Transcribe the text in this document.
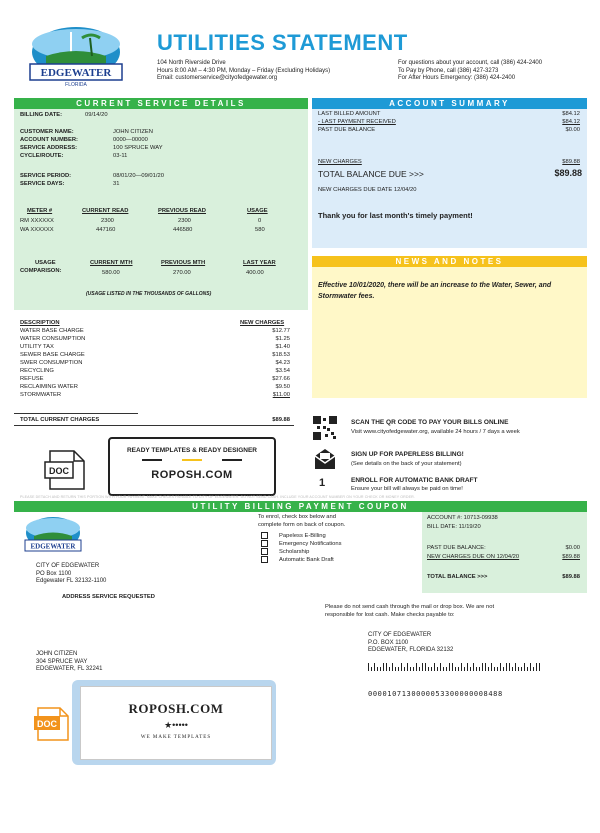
EDGEWATER
FLORIDA
UTILITIES STATEMENT
104 North Riverside Drive
Hours 8:00 AM – 4:30 PM, Monday – Friday (Excluding Holidays)
Email: customerservice@cityofedgewater.org
For questions about your account, call (386) 424-2400
To Pay by Phone, call (386) 427-3273
For After Hours Emergency: (386) 424-2400
CURRENT SERVICE DETAILS
BILLING DATE:	09/14/20
CUSTOMER NAME:	JOHN CITIZEN
ACCOUNT NUMBER:	0000—00000
SERVICE ADDRESS:	100 SPRUCE WAY
CYCLE/ROUTE:	03-11
SERVICE PERIOD:	08/01/20—09/01/20
SERVICE DAYS:	31
METER #	CURRENT READ	PREVIOUS READ	USAGE
RM XXXXXX	2300	2300	0
WA XXXXXX	447160	446580	580
USAGE
COMPARISON:
CURRENT MTH	PREVIOUS MTH	LAST YEAR
580.00	270.00	400.00
(USAGE LISTED IN THE THOUSANDS OF GALLONS)
DESCRIPTION	NEW CHARGES
WATER BASE CHARGE	$12.77
WATER CONSUMPTION	$1.25
UTILITY TAX	$1.40
SEWER BASE CHARGE	$18.53
SWER CONSUMPTION	$4.23
RECYCLING	$3.54
REFUSE	$27.66
RECLAIMING WATER	$9.50
STORMWATER	$11.00
TOTAL CURRENT CHARGES	$89.88
ACCOUNT SUMMARY
LAST BILLED AMOUNT	$84.12
- LAST PAYMENT RECEIVED	$84.12
PAST DUE BALANCE	$0.00
NEW CHARGES	$89.88
TOTAL BALANCE DUE >>>	$89.88
NEW CHARGES DUE DATE 12/04/20
Thank you for last month's timely payment!
NEWS AND NOTES
Effective 10/01/2020, there will be an increase to the Water, Sewer, and Stormwater fees.
DOC
READY TEMPLATES & READY DESIGNER
ROPOSH.COM
SCAN THE QR CODE TO PAY YOUR BILLS ONLINE
Visit www.cityofedgewater.org, available 24 hours / 7 days a week
SIGN UP FOR PAPERLESS BILLING!
(See details on the back of your statement)
1	ENROLL FOR AUTOMATIC BANK DRAFT
Ensure your bill will always be paid on time!
PLEASE DETACH AND RETURN THIS PORTION WITH YOUR PAYMENT. MAKE CHECKS PAYABLE TO CITY OF EDGEWATER. DO NOT SEND CASH. INCLUDE YOUR ACCOUNT NUMBER ON YOUR CHECK OR MONEY ORDER.
UTILITY BILLING PAYMENT COUPON
EDGEWATER
To enrol, check box below and
complete form on back of coupon.
Papeless E-Billing
Emergency Notifications
Scholarship
Automatic Bank Draft
ACCOUNT #: 10713-09938
BILL DATE: 11/19/20
PAST DUE BALANCE:	$0.00
NEW CHARGES DUE ON 12/04/20	$89.88
TOTAL BALANCE >>>	$89.88
CITY OF EDGEWATER
PO Box 1100
Edgewater FL 32132-1100
ADDRESS SERVICE REQUESTED
Please do not send cash through the mail or drop box. We are not
responsible for lost cash. Make checks payable to:
CITY OF EDGEWATER
P.O. BOX 1100
EDGEWATER, FLORIDA 32132
JOHN CITIZEN
304 SPRUCE WAY
EDGEWATER, FL 32241
0000107130000053300000008488
ROPOSH.COM
★•••••
WE MAKE TEMPLATES
DOC
